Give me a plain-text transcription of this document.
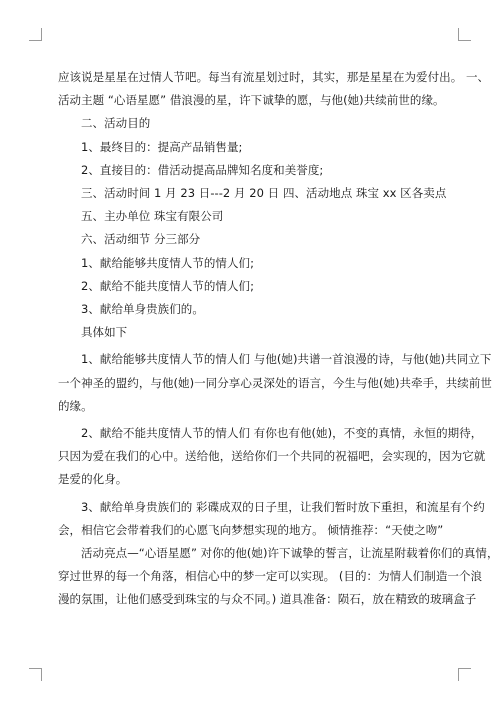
应该说是星星在过情人节吧。每当有流星划过时，其实，那是星星在为爱付出。 一、
活动主题 “心语星愿” 借浪漫的星，许下诚挚的愿，与他(她)共续前世的缘。
二、活动目的
1、最终目的：提高产品销售量;
2、直接目的：借活动提高品牌知名度和美誉度;
三、活动时间 1 月 23 日---2 月 20 日 四、活动地点 珠宝 xx 区各卖点
五、主办单位 珠宝有限公司
六、活动细节 分三部分
1、献给能够共度情人节的情人们;
2、献给不能共度情人节的情人们;
3、献给单身贵族们的。
具体如下
1、献给能够共度情人节的情人们 与他(她)共谱一首浪漫的诗，与他(她)共同立下
一个神圣的盟约，与他(她)一同分享心灵深处的语言，今生与他(她)共牵手，共续前世
的缘。
2、献给不能共度情人节的情人们 有你也有他(她)，不变的真情，永恒的期待，
只因为爱在我们的心中。送给他，送给你们一个共同的祝福吧，会实现的，因为它就
是爱的化身。
3、献给单身贵族们的 彩碟成双的日子里，让我们暂时放下重担，和流星有个约
会，相信它会带着我们的心愿飞向梦想实现的地方。 倾情推荐：“天使之吻”
活动亮点—“心语星愿” 对你的他(她)许下诚挚的誓言，让流星附载着你们的真情，
穿过世界的每一个角落，相信心中的梦一定可以实现。 (目的：为情人们制造一个浪
漫的氛围，让他们感受到珠宝的与众不同。) 道具准备：陨石，放在精致的玻璃盒子
